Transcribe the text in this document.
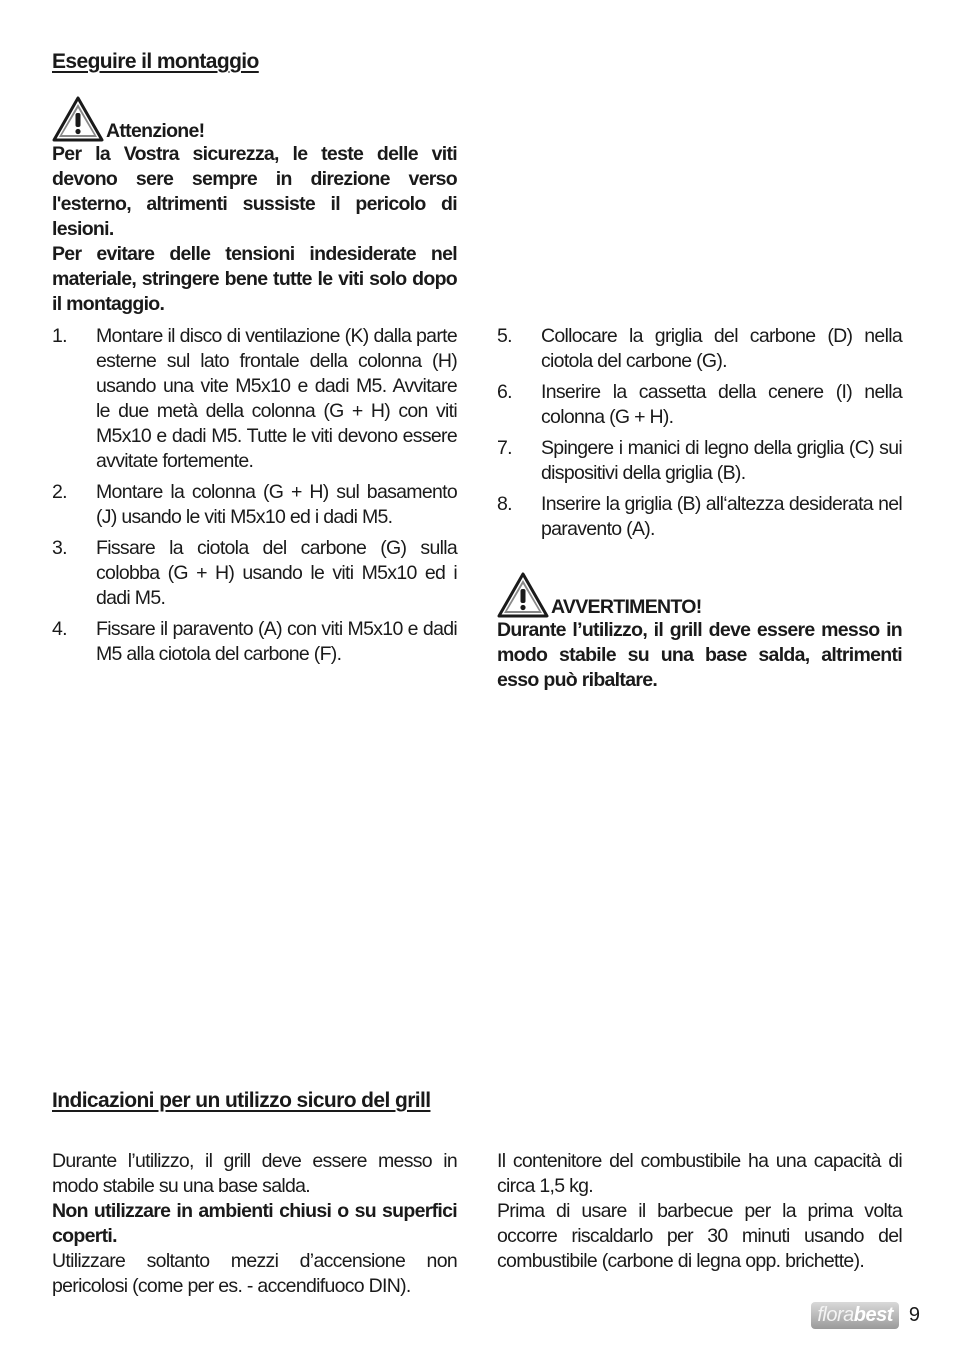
Eseguire il montaggio
Attenzione!

Per la Vostra sicurezza, le teste delle viti devono sere sempre in direzione verso l'esterno, altrimenti sussiste il pericolo di lesioni.

Per evitare delle tensioni indesiderate nel materiale, stringere bene tutte le viti solo dopo il montaggio.

1.	Montare il disco di ventilazione (K) dalla parte esterne sul lato frontale della colonna (H) usando una vite M5x10 e dadi M5. Avvitare le due metà della colonna (G + H) con viti M5x10 e dadi M5. Tutte le viti devono essere avvitate fortemente.
2.	Montare la colonna (G + H) sul basamento (J) usando le viti M5x10 ed i dadi M5.
3.	Fissare la ciotola del carbone (G) sulla colobba (G + H) usando le viti M5x10 ed i dadi M5.
4.	Fissare il paravento (A) con viti M5x10 e dadi M5 alla ciotola del carbone (F).
5.	Collocare la griglia del carbone (D) nella ciotola del carbone (G).
6.	Inserire la cassetta della cenere (I) nella colonna (G + H).
7.	Spingere i manici di legno della griglia (C) sui dispositivi della griglia (B).
8.	Inserire la griglia (B) all‘altezza desiderata nel paravento (A).
AVVERTIMENTO!

Durante l’utilizzo, il grill deve essere messo in modo stabile su una base salda, altrimenti esso può ribaltare.

Indicazioni per un utilizzo sicuro del grill

Durante l’utilizzo, il grill deve essere messo in modo stabile su una base salda.

Non utilizzare in ambienti chiusi o su superfici coperti.

Utilizzare soltanto mezzi d’accensione non pericolosi (come per es. - accendifuoco DIN).

Il contenitore del combustibile ha una capacità di circa 1,5 kg.

Prima di usare il barbecue per la prima volta occorre riscaldarlo per 30 minuti usando del combustibile (carbone di legna opp. brichette).

florabest 9
